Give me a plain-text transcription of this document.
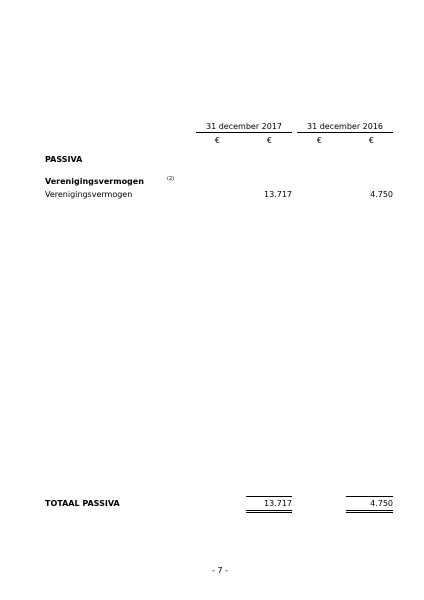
31 december 2017	31 december 2016
€	€	€	€
PASSIVA
Verenigingsvermogen	(2)
Verenigingsvermogen	13.717	4.750
TOTAAL PASSIVA	13.717	4.750
- 7 -
